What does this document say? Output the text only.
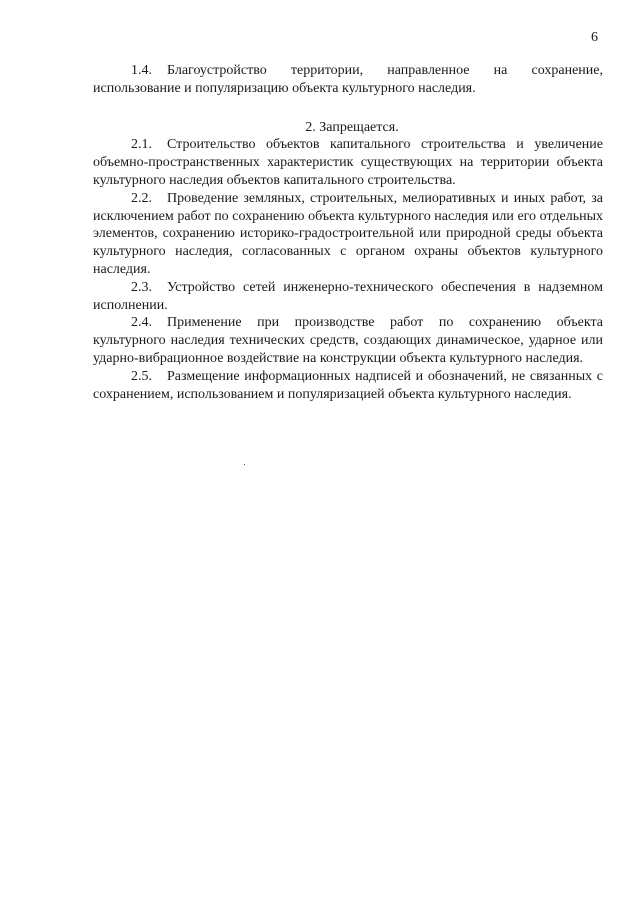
6

1.4. Благоустройство территории, направленное на сохранение, использование и популяризацию объекта культурного наследия.

2. Запрещается.

2.1. Строительство объектов капитального строительства и увеличение объемно-пространственных характеристик существующих на территории объекта культурного наследия объектов капитального строительства.

2.2. Проведение земляных, строительных, мелиоративных и иных работ, за исключением работ по сохранению объекта культурного наследия или его отдельных элементов, сохранению историко-градостроительной или природной среды объекта культурного наследия, согласованных с органом охраны объектов культурного наследия.

2.3. Устройство сетей инженерно-технического обеспечения в надземном исполнении.

2.4. Применение при производстве работ по сохранению объекта культурного наследия технических средств, создающих динамическое, ударное или ударно-вибрационное воздействие на конструкции объекта культурного наследия.

2.5. Размещение информационных надписей и обозначений, не связанных с сохранением, использованием и популяризацией объекта культурного наследия.
